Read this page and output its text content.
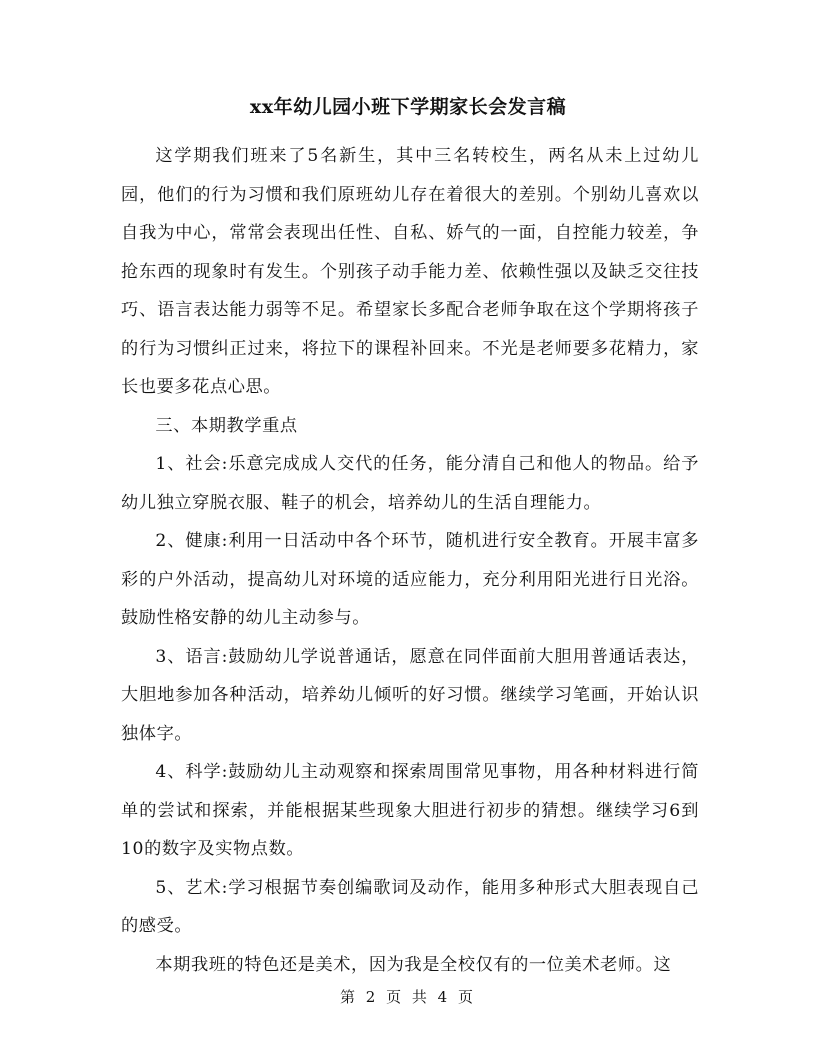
xx年幼儿园小班下学期家长会发言稿

这学期我们班来了5名新生，其中三名转校生，两名从未上过幼儿园，他们的行为习惯和我们原班幼儿存在着很大的差别。个别幼儿喜欢以自我为中心，常常会表现出任性、自私、娇气的一面，自控能力较差，争抢东西的现象时有发生。个别孩子动手能力差、依赖性强以及缺乏交往技巧、语言表达能力弱等不足。希望家长多配合老师争取在这个学期将孩子的行为习惯纠正过来，将拉下的课程补回来。不光是老师要多花精力，家长也要多花点心思。

三、本期教学重点

1、社会:乐意完成成人交代的任务，能分清自己和他人的物品。给予幼儿独立穿脱衣服、鞋子的机会，培养幼儿的生活自理能力。

2、健康:利用一日活动中各个环节，随机进行安全教育。开展丰富多彩的户外活动，提高幼儿对环境的适应能力，充分利用阳光进行日光浴。鼓励性格安静的幼儿主动参与。

3、语言:鼓励幼儿学说普通话，愿意在同伴面前大胆用普通话表达，大胆地参加各种活动，培养幼儿倾听的好习惯。继续学习笔画，开始认识独体字。

4、科学:鼓励幼儿主动观察和探索周围常见事物，用各种材料进行简单的尝试和探索，并能根据某些现象大胆进行初步的猜想。继续学习6到10的数字及实物点数。

5、艺术:学习根据节奏创编歌词及动作，能用多种形式大胆表现自己的感受。

本期我班的特色还是美术，因为我是全校仅有的一位美术老师。这

第 2 页 共 4 页
